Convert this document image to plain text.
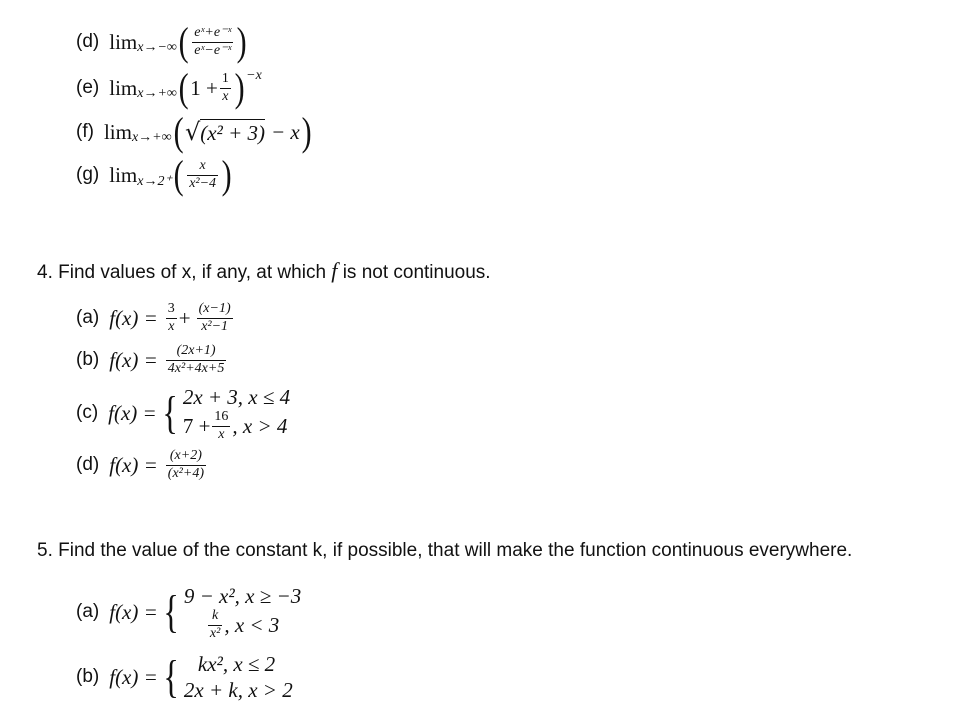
(d) lim x→−∞ ( $\frac{\text{eˣ+e⁻ˣ}}{\text{eˣ−e⁻ˣ}}$ )
(e) lim x→+∞ ( $1 + \frac{1}{x}$ ) −x
(f) lim x→+∞ ( √ (x² + 3) − x )
(g) lim x→2⁺ ( $\frac{x}{\text{x²−4}}$ )
4. Find values of x, if any, at which f is not continuous.
(a) $f(x) = \frac{3}{x} + \frac{(x-1)}{\text{x²−1}}$
(b) $f(x) = \frac{(2x+1)}{\text{4x²+4x+5}}$
(c) f(x) = { 2x + 3, x ≤ 4
$7 + \frac{16}{x}$ , x > 4
(d) $f(x) = \frac{(x+2)}{\text{(x²+4)}}$
5. Find the value of the constant k, if possible, that will make the function continuous everywhere.
(a) f(x) = { 9 − x², x ≥ −3
$\frac{k}{\text{x²}}$ , x < 3
(b) f(x) = { kx², x ≤ 2
2x + k, x > 2
